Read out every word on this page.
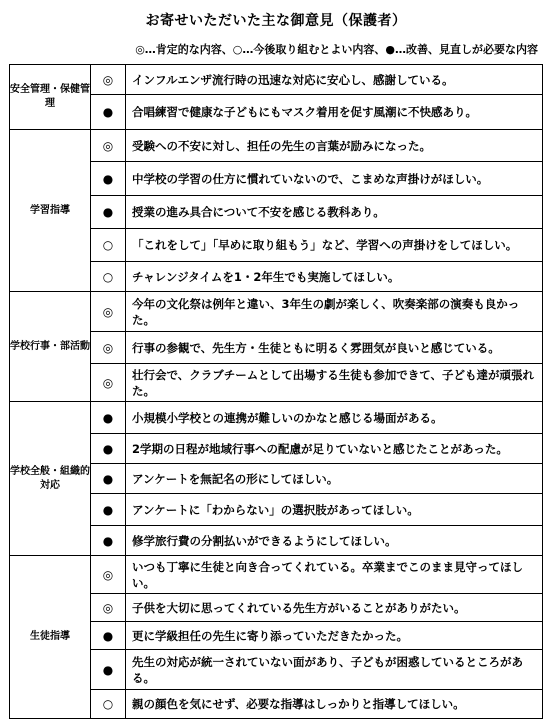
お寄せいただいた主な御意見（保護者）
◎…肯定的な内容、○…今後取り組むとよい内容、●…改善、見直しが必要な内容
安全管理・保健管理	◎	インフルエンザ流行時の迅速な対応に安心し、感謝している。
	●	合唱練習で健康な子どもにもマスク着用を促す風潮に不快感あり。
学習指導	◎	受験への不安に対し、担任の先生の言葉が励みになった。
	●	中学校の学習の仕方に慣れていないので、こまめな声掛けがほしい。
	●	授業の進み具合について不安を感じる教科あり。
	○	「これをして」「早めに取り組もう」など、学習への声掛けをしてほしい。
	○	チャレンジタイムを1・2年生でも実施してほしい。
学校行事・部活動	◎	今年の文化祭は例年と違い、3年生の劇が楽しく、吹奏楽部の演奏も良かった。
	◎	行事の参観で、先生方・生徒ともに明るく雰囲気が良いと感じている。
	◎	壮行会で、クラブチームとして出場する生徒も参加できて、子ども達が頑張れた。
学校全般・組織的対応	●	小規模小学校との連携が難しいのかなと感じる場面がある。
	●	2学期の日程が地域行事への配慮が足りていないと感じたことがあった。
	●	アンケートを無記名の形にしてほしい。
	●	アンケートに「わからない」の選択肢があってほしい。
	●	修学旅行費の分割払いができるようにしてほしい。
生徒指導	◎	いつも丁寧に生徒と向き合ってくれている。卒業までこのまま見守ってほしい。
	◎	子供を大切に思ってくれている先生方がいることがありがたい。
	●	更に学級担任の先生に寄り添っていただきたかった。
	●	先生の対応が統一されていない面があり、子どもが困惑しているところがある。
	○	親の顔色を気にせず、必要な指導はしっかりと指導してほしい。
